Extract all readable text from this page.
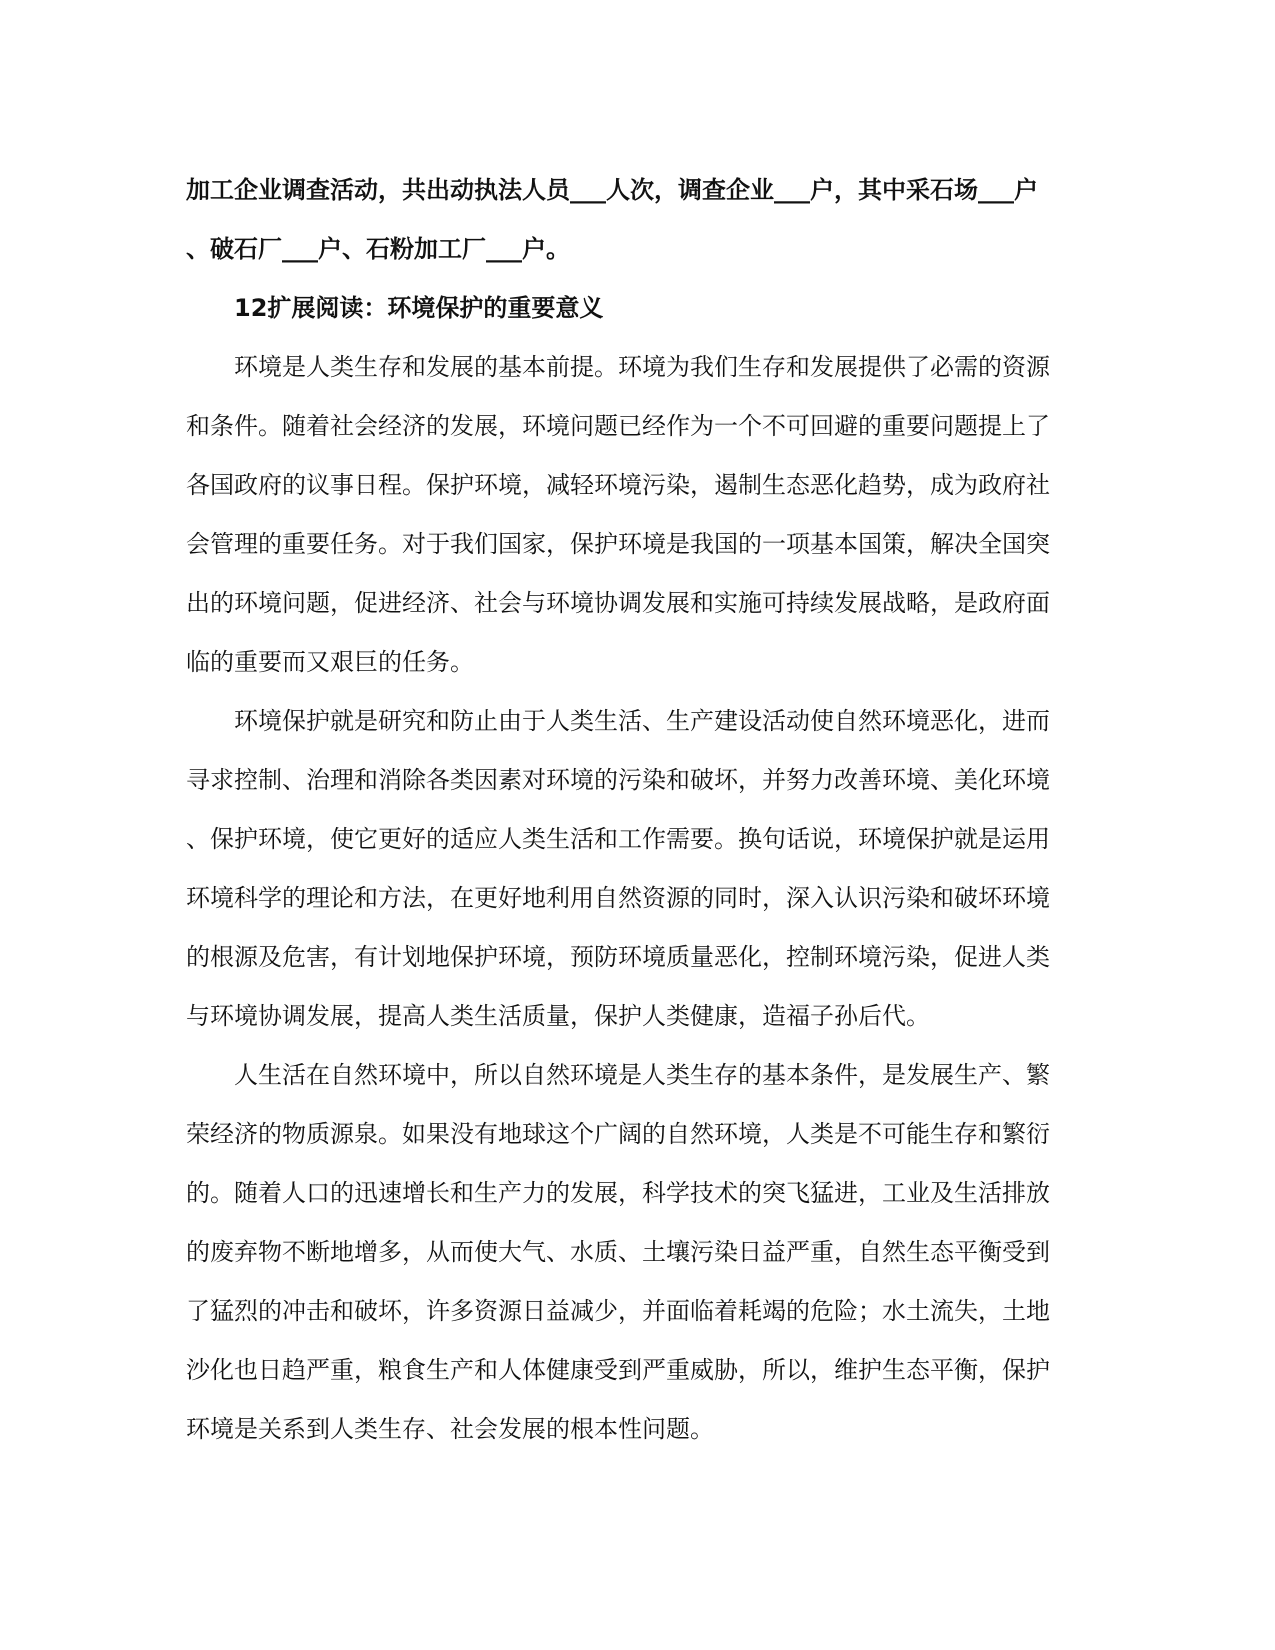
加工企业调查活动，共出动执法人员___人次，调查企业___户，其中采石场___户
、破石厂___户、石粉加工厂___户。
12扩展阅读：环境保护的重要意义
环境是人类生存和发展的基本前提。环境为我们生存和发展提供了必需的资源
和条件。随着社会经济的发展，环境问题已经作为一个不可回避的重要问题提上了
各国政府的议事日程。保护环境，减轻环境污染，遏制生态恶化趋势，成为政府社
会管理的重要任务。对于我们国家，保护环境是我国的一项基本国策，解决全国突
出的环境问题，促进经济、社会与环境协调发展和实施可持续发展战略，是政府面
临的重要而又艰巨的任务。
环境保护就是研究和防止由于人类生活、生产建设活动使自然环境恶化，进而
寻求控制、治理和消除各类因素对环境的污染和破坏，并努力改善环境、美化环境
、保护环境，使它更好的适应人类生活和工作需要。换句话说，环境保护就是运用
环境科学的理论和方法，在更好地利用自然资源的同时，深入认识污染和破坏环境
的根源及危害，有计划地保护环境，预防环境质量恶化，控制环境污染，促进人类
与环境协调发展，提高人类生活质量，保护人类健康，造福子孙后代。
人生活在自然环境中，所以自然环境是人类生存的基本条件，是发展生产、繁
荣经济的物质源泉。如果没有地球这个广阔的自然环境，人类是不可能生存和繁衍
的。随着人口的迅速增长和生产力的发展，科学技术的突飞猛进，工业及生活排放
的废弃物不断地增多，从而使大气、水质、土壤污染日益严重，自然生态平衡受到
了猛烈的冲击和破坏，许多资源日益减少，并面临着耗竭的危险；水土流失，土地
沙化也日趋严重，粮食生产和人体健康受到严重威胁，所以，维护生态平衡，保护
环境是关系到人类生存、社会发展的根本性问题。
